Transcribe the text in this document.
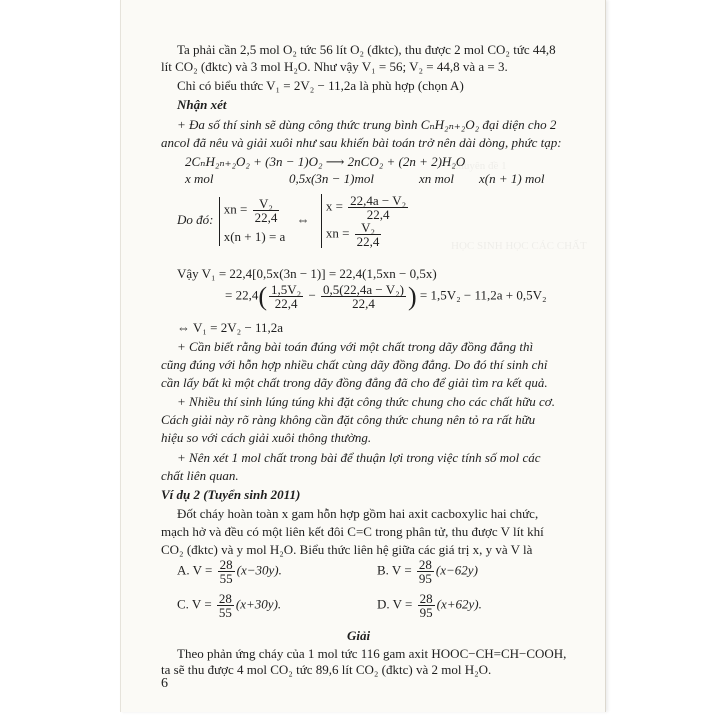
Chuyên đề 1
HỌC SINH HỌC CÁC CHẤT
Ta phải cần 2,5 mol O₂ tức 56 lít O₂ (đktc), thu được 2 mol CO₂ tức 44,8
lít CO₂ (đktc) và 3 mol H₂O. Như vậy V₁ = 56; V₂ = 44,8 và a = 3.
Chỉ có biểu thức V₁ = 2V₂ − 11,2a là phù hợp (chọn A)
Nhận xét
+ Đa số thí sinh sẽ dùng công thức trung bình CₙH₂ₙ₊₂O₂ đại diện cho 2
ancol đã nêu và giải xuôi như sau khiến bài toán trở nên dài dòng, phức tạp:
2CₙH₂ₙ₊₂O₂ + (3n − 1)O₂ ⟶ 2nCO₂ + (2n + 2)H₂O
x mol	0,5x(3n − 1)mol	xn mol x(n + 1) mol
Do đó:
xn = $\frac{\text{V₂}}{22,4}$
x(n + 1) = a
⇔
$x = \frac{\text{22,4a − V₂}}{22,4}$
xn = $\frac{\text{V₂}}{22,4}$
Vậy V₁ = 22,4[0,5x(3n − 1)] = 22,4(1,5xn − 0,5x)
= $22,4( \frac{\text{1,5V₂}}{22,4} - \frac{\text{0,5(22,4a − V₂)}}{22,4}$ ) = 1,5V₂ − 11,2a + 0,5V₂
⇔ V₁ = 2V₂ − 11,2a
+ Cần biết rằng bài toán đúng với một chất trong dãy đồng đẳng thì
cũng đúng với hỗn hợp nhiều chất cùng dãy đồng đẳng. Do đó thí sinh chỉ
cần lấy bất kì một chất trong dãy đồng đẳng đã cho để giải tìm ra kết quả.
+ Nhiều thí sinh lúng túng khi đặt công thức chung cho các chất hữu cơ.
Cách giải này rõ ràng không cần đặt công thức chung nên tỏ ra rất hữu
hiệu so với cách giải xuôi thông thường.
+ Nên xét 1 mol chất trong bài để thuận lợi trong việc tính số mol các
chất liên quan.
Ví dụ 2 (Tuyển sinh 2011)
Đốt cháy hoàn toàn x gam hỗn hợp gồm hai axit cacboxylic hai chức,
mạch hở và đều có một liên kết đôi C=C trong phân tử, thu được V lít khí
CO₂ (đktc) và y mol H₂O. Biểu thức liên hệ giữa các giá trị x, y và V là
A. $V = \frac{28}{55} (x-30y)$.	B. $V = \frac{28}{95} (x-62y)$
C. $V = \frac{28}{55} (x+30y)$.	D. $V = \frac{28}{95} (x+62y)$.
Giải
Theo phản ứng cháy của 1 mol tức 116 gam axit HOOC−CH=CH−COOH,
ta sẽ thu được 4 mol CO₂ tức 89,6 lít CO₂ (đktc) và 2 mol H₂O.
6
